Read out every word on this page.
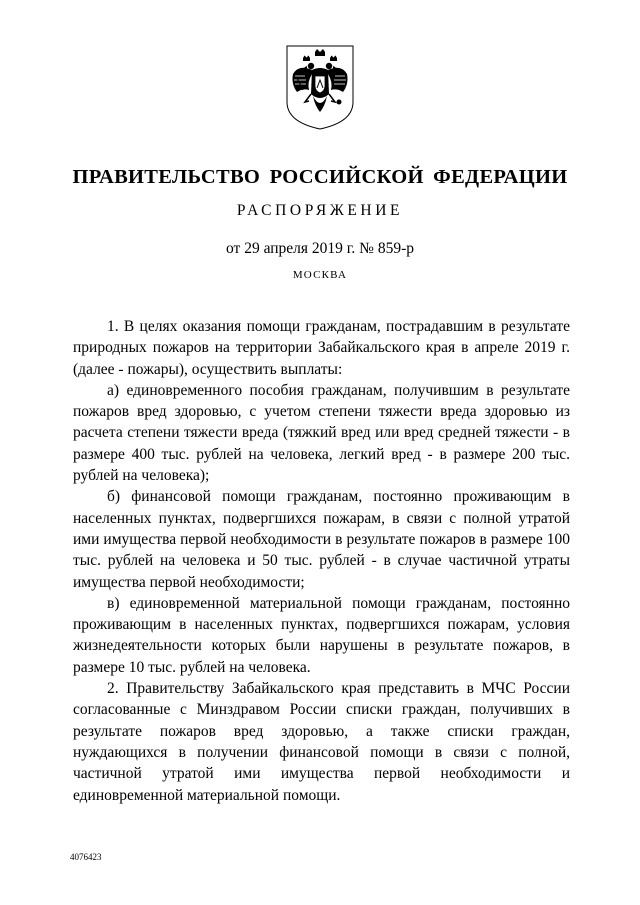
ПРАВИТЕЛЬСТВО РОССИЙСКОЙ ФЕДЕРАЦИИ
РАСПОРЯЖЕНИЕ
от 29 апреля 2019 г. № 859-р
МОСКВА

1. В целях оказания помощи гражданам, пострадавшим в результате природных пожаров на территории Забайкальского края в апреле 2019 г. (далее - пожары), осуществить выплаты:

а) единовременного пособия гражданам, получившим в результате пожаров вред здоровью, с учетом степени тяжести вреда здоровью из расчета степени тяжести вреда (тяжкий вред или вред средней тяжести - в размере 400 тыс. рублей на человека, легкий вред - в размере 200 тыс. рублей на человека);

б) финансовой помощи гражданам, постоянно проживающим в населенных пунктах, подвергшихся пожарам, в связи с полной утратой ими имущества первой необходимости в результате пожаров в размере 100 тыс. рублей на человека и 50 тыс. рублей - в случае частичной утраты имущества первой необходимости;

в) единовременной материальной помощи гражданам, постоянно проживающим в населенных пунктах, подвергшихся пожарам, условия жизнедеятельности которых были нарушены в результате пожаров, в размере 10 тыс. рублей на человека.

2. Правительству Забайкальского края представить в МЧС России согласованные с Минздравом России списки граждан, получивших в результате пожаров вред здоровью, а также списки граждан, нуждающихся в получении финансовой помощи в связи с полной, частичной утратой ими имущества первой необходимости и единовременной материальной помощи.

4076423
